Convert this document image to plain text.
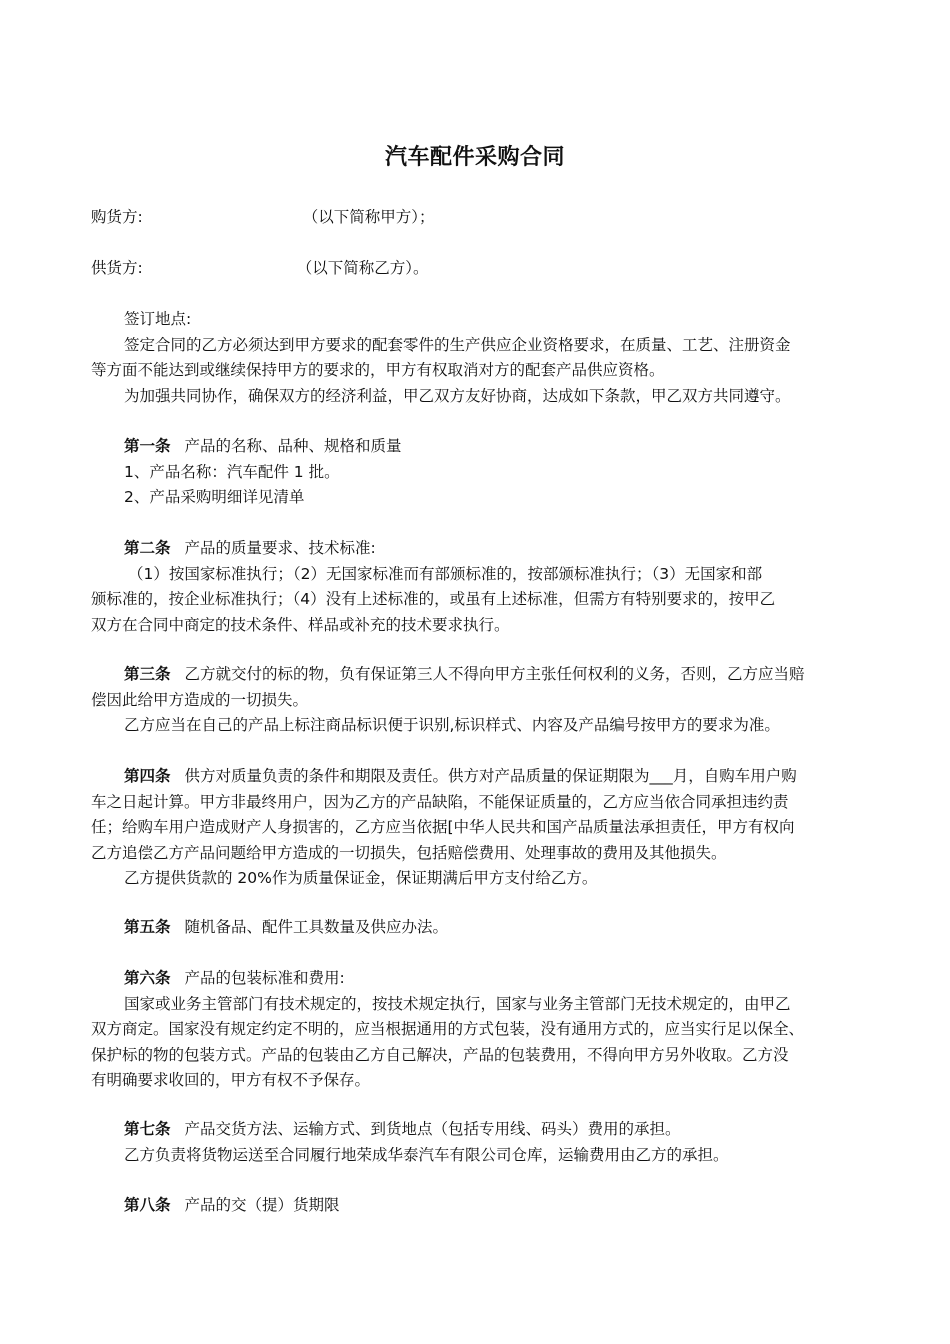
汽车配件采购合同
购货方:	（以下简称甲方）；
供货方:	（以下简称乙方）。
签订地点:
签定合同的乙方必须达到甲方要求的配套零件的生产供应企业资格要求，在质量、工艺、注册资金
等方面不能达到或继续保持甲方的要求的，甲方有权取消对方的配套产品供应资格。
为加强共同协作，确保双方的经济利益，甲乙双方友好协商，达成如下条款，甲乙双方共同遵守。
第一条 产品的名称、品种、规格和质量
1、产品名称：汽车配件 1 批。
2、产品采购明细详见清单
第二条 产品的质量要求、技术标准:
（1）按国家标准执行；（2）无国家标准而有部颁标准的，按部颁标准执行；（3）无国家和部
颁标准的，按企业标准执行；（4）没有上述标准的，或虽有上述标准，但需方有特别要求的，按甲乙
双方在合同中商定的技术条件、样品或补充的技术要求执行。
第三条 乙方就交付的标的物，负有保证第三人不得向甲方主张任何权利的义务，否则，乙方应当赔
偿因此给甲方造成的一切损失。
乙方应当在自己的产品上标注商品标识便于识别,标识样式、内容及产品编号按甲方的要求为准。
第四条 供方对质量负责的条件和期限及责任。供方对产品质量的保证期限为___月，自购车用户购
车之日起计算。甲方非最终用户，因为乙方的产品缺陷，不能保证质量的，乙方应当依合同承担违约责
任；给购车用户造成财产人身损害的，乙方应当依据[中华人民共和国产品质量法承担责任，甲方有权向
乙方追偿乙方产品问题给甲方造成的一切损失，包括赔偿费用、处理事故的费用及其他损失。
乙方提供货款的 20%作为质量保证金，保证期满后甲方支付给乙方。
第五条 随机备品、配件工具数量及供应办法。
第六条 产品的包装标准和费用:
国家或业务主管部门有技术规定的，按技术规定执行，国家与业务主管部门无技术规定的，由甲乙
双方商定。国家没有规定约定不明的，应当根据通用的方式包装，没有通用方式的，应当实行足以保全、
保护标的物的包装方式。产品的包装由乙方自己解决，产品的包装费用，不得向甲方另外收取。乙方没
有明确要求收回的，甲方有权不予保存。
第七条 产品交货方法、运输方式、到货地点（包括专用线、码头）费用的承担。
乙方负责将货物运送至合同履行地荣成华泰汽车有限公司仓库，运输费用由乙方的承担。
第八条 产品的交（提）货期限
